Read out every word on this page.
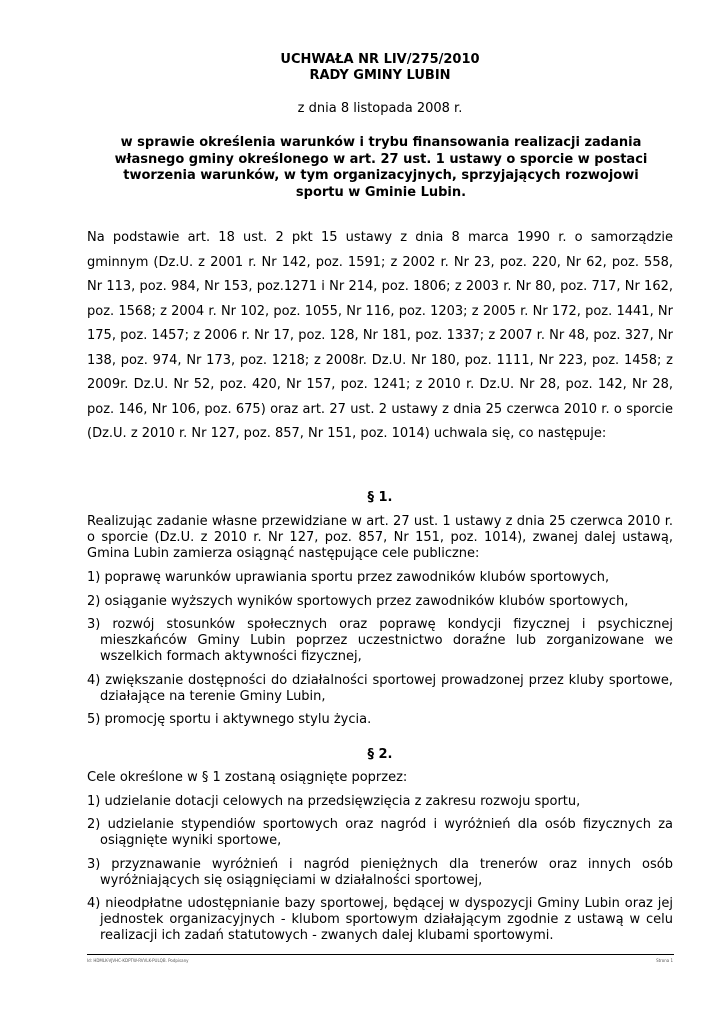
UCHWAŁA NR LIV/275/2010
RADY GMINY LUBIN
z dnia 8 listopada 2008 r.
w sprawie określenia warunków i trybu finansowania realizacji zadania własnego gminy określonego w art. 27 ust. 1 ustawy o sporcie w postaci tworzenia warunków, w tym organizacyjnych, sprzyjających rozwojowi sportu w Gminie Lubin.
Na podstawie art. 18 ust. 2 pkt 15 ustawy z dnia 8 marca 1990 r. o samorządzie gminnym (Dz.U. z 2001 r. Nr 142, poz. 1591; z 2002 r. Nr 23, poz. 220, Nr 62, poz. 558, Nr 113, poz. 984, Nr 153, poz.1271 i Nr 214, poz. 1806; z 2003 r. Nr 80, poz. 717, Nr 162, poz. 1568; z 2004 r. Nr 102, poz. 1055, Nr 116, poz. 1203; z 2005 r. Nr 172, poz. 1441, Nr 175, poz. 1457; z 2006 r. Nr 17, poz. 128, Nr 181, poz. 1337; z 2007 r. Nr 48, poz. 327, Nr 138, poz. 974, Nr 173, poz. 1218; z 2008r. Dz.U. Nr 180, poz. 1111, Nr 223, poz. 1458; z 2009r. Dz.U. Nr 52, poz. 420, Nr 157, poz. 1241; z 2010 r. Dz.U. Nr 28, poz. 142, Nr 28, poz. 146, Nr 106, poz. 675) oraz art. 27 ust. 2 ustawy z dnia 25 czerwca 2010 r. o sporcie (Dz.U. z 2010 r. Nr 127, poz. 857, Nr 151, poz. 1014) uchwala się, co następuje:
§ 1.
Realizując zadanie własne przewidziane w art. 27 ust. 1 ustawy z dnia 25 czerwca 2010 r. o sporcie (Dz.U. z 2010 r. Nr 127, poz. 857, Nr 151, poz. 1014), zwanej dalej ustawą, Gmina Lubin zamierza osiągnąć następujące cele publiczne:
1) poprawę warunków uprawiania sportu przez zawodników klubów sportowych,
2) osiąganie wyższych wyników sportowych przez zawodników klubów sportowych,
3) rozwój stosunków społecznych oraz poprawę kondycji fizycznej i psychicznej mieszkańców Gminy Lubin poprzez uczestnictwo doraźne lub zorganizowane we wszelkich formach aktywności fizycznej,
4) zwiększanie dostępności do działalności sportowej prowadzonej przez kluby sportowe, działające na terenie Gminy Lubin,
5) promocję sportu i aktywnego stylu życia.
§ 2.
Cele określone w § 1 zostaną osiągnięte poprzez:
1) udzielanie dotacji celowych na przedsięwzięcia z zakresu rozwoju sportu,
2) udzielanie stypendiów sportowych oraz nagród i wyróżnień dla osób fizycznych za osiągnięte wyniki sportowe,
3) przyznawanie wyróżnień i nagród pieniężnych dla trenerów oraz innych osób wyróżniających się osiągnięciami w działalności sportowej,
4) nieodpłatne udostępnianie bazy sportowej, będącej w dyspozycji Gminy Lubin oraz jej jednostek organizacyjnych - klubom sportowym działającym zgodnie z ustawą w celu realizacji ich zadań statutowych - zwanych dalej klubami sportowymi.
Id: HDMLK-VJVHC-KDPTW-RVVLK-PULQB. Podpisany	Strona 1
